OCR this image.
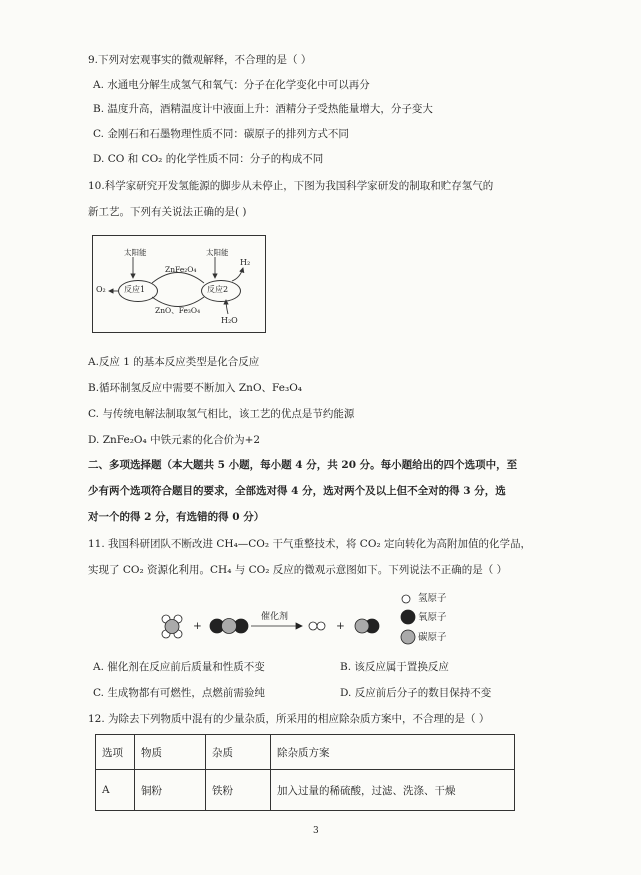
9.下列对宏观事实的微观解释，不合理的是（ ）
A. 水通电分解生成氢气和氧气：分子在化学变化中可以再分
B. 温度升高，酒精温度计中液面上升：酒精分子受热能量增大，分子变大
C. 金刚石和石墨物理性质不同：碳原子的排列方式不同
D. CO 和 CO₂ 的化学性质不同：分子的构成不同
10.科学家研究开发氢能源的脚步从未停止，下图为我国科学家研发的制取和贮存氢气的
新工艺。下列有关说法正确的是( )
反应1	反应2
太阳能	太阳能
ZnFe₂O₄
ZnO、Fe₃O₄
O₂
H₂
H₂O
A.反应 1 的基本反应类型是化合反应
B.循环制氢反应中需要不断加入 ZnO、Fe₃O₄
C. 与传统电解法制取氢气相比，该工艺的优点是节约能源
D. ZnFe₂O₄ 中铁元素的化合价为+2
二、多项选择题（本大题共 5 小题，每小题 4 分，共 20 分。每小题给出的四个选项中，至
少有两个选项符合题目的要求，全部选对得 4 分，选对两个及以上但不全对的得 3 分，选
对一个的得 2 分，有选错的得 0 分）
11. 我国科研团队不断改进 CH₄—CO₂ 干气重整技术，将 CO₂ 定向转化为高附加值的化学品，
实现了 CO₂ 资源化利用。CH₄ 与 CO₂ 反应的微观示意图如下。下列说法不正确的是（ ）
+	+
催化剂
氢原子
氧原子
碳原子
A. 催化剂在反应前后质量和性质不变	B. 该反应属于置换反应
C. 生成物都有可燃性，点燃前需验纯	D. 反应前后分子的数目保持不变
12. 为除去下列物质中混有的少量杂质，所采用的相应除杂质方案中，不合理的是（ ）
选项	物质	杂质	除杂质方案
A	铜粉	铁粉	加入过量的稀硫酸，过滤、洗涤、干燥
3
